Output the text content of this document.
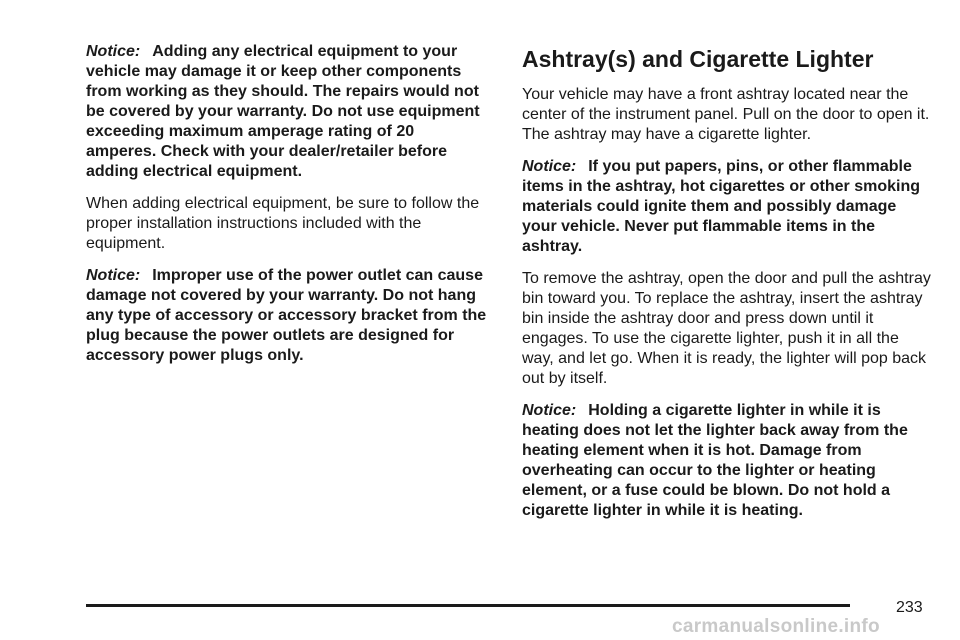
Notice: Adding any electrical equipment to your vehicle may damage it or keep other components from working as they should. The repairs would not be covered by your warranty. Do not use equipment exceeding maximum amperage rating of 20 amperes. Check with your dealer/retailer before adding electrical equipment.

When adding electrical equipment, be sure to follow the proper installation instructions included with the equipment.

Notice: Improper use of the power outlet can cause damage not covered by your warranty. Do not hang any type of accessory or accessory bracket from the plug because the power outlets are designed for accessory power plugs only.

Ashtray(s) and Cigarette Lighter

Your vehicle may have a front ashtray located near the center of the instrument panel. Pull on the door to open it. The ashtray may have a cigarette lighter.

Notice: If you put papers, pins, or other flammable items in the ashtray, hot cigarettes or other smoking materials could ignite them and possibly damage your vehicle. Never put flammable items in the ashtray.

To remove the ashtray, open the door and pull the ashtray bin toward you. To replace the ashtray, insert the ashtray bin inside the ashtray door and press down until it engages. To use the cigarette lighter, push it in all the way, and let go. When it is ready, the lighter will pop back out by itself.

Notice: Holding a cigarette lighter in while it is heating does not let the lighter back away from the heating element when it is hot. Damage from overheating can occur to the lighter or heating element, or a fuse could be blown. Do not hold a cigarette lighter in while it is heating.

233
carmanualsonline.info
